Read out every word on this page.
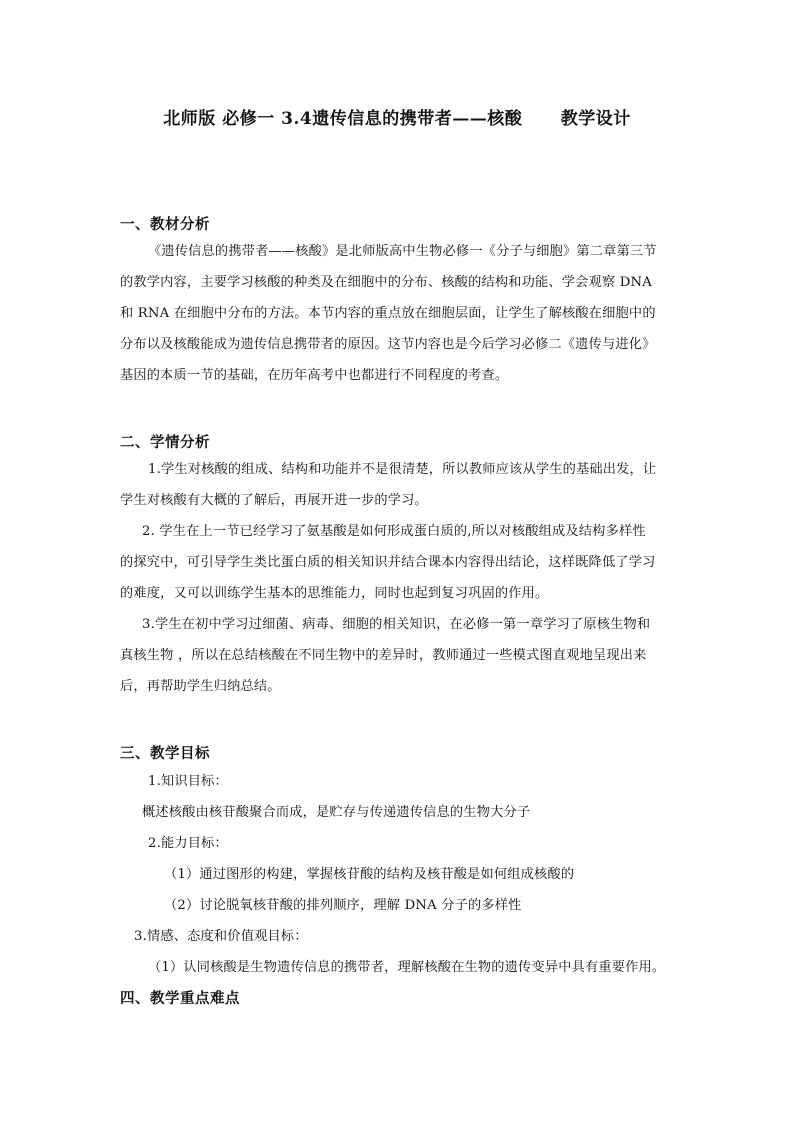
北师版 必修一 3.4遗传信息的携带者——核酸      教学设计
一、教材分析
《遗传信息的携带者——核酸》是北师版高中生物必修一《分子与细胞》第二章第三节
的教学内容，主要学习核酸的种类及在细胞中的分布、核酸的结构和功能、学会观察 DNA
和 RNA 在细胞中分布的方法。本节内容的重点放在细胞层面，让学生了解核酸在细胞中的
分布以及核酸能成为遗传信息携带者的原因。这节内容也是今后学习必修二《遗传与进化》
基因的本质一节的基础，在历年高考中也都进行不同程度的考查。
二、学情分析
1.学生对核酸的组成、结构和功能并不是很清楚，所以教师应该从学生的基础出发，让
学生对核酸有大概的了解后，再展开进一步的学习。
2. 学生在上一节已经学习了氨基酸是如何形成蛋白质的,所以对核酸组成及结构多样性
的探究中，可引导学生类比蛋白质的相关知识并结合课本内容得出结论，这样既降低了学习
的难度，又可以训练学生基本的思维能力，同时也起到复习巩固的作用。
3.学生在初中学习过细菌、病毒、细胞的相关知识，在必修一第一章学习了原核生物和
真核生物 ，所以在总结核酸在不同生物中的差异时，教师通过一些模式图直观地呈现出来
后，再帮助学生归纳总结。
三、教学目标
1.知识目标：
概述核酸由核苷酸聚合而成，是贮存与传递遗传信息的生物大分子
2.能力目标：
（1）通过图形的构建，掌握核苷酸的结构及核苷酸是如何组成核酸的
（2）讨论脱氧核苷酸的排列顺序，理解 DNA 分子的多样性
3.情感、态度和价值观目标：
（1）认同核酸是生物遗传信息的携带者，理解核酸在生物的遗传变异中具有重要作用。
四、教学重点难点
